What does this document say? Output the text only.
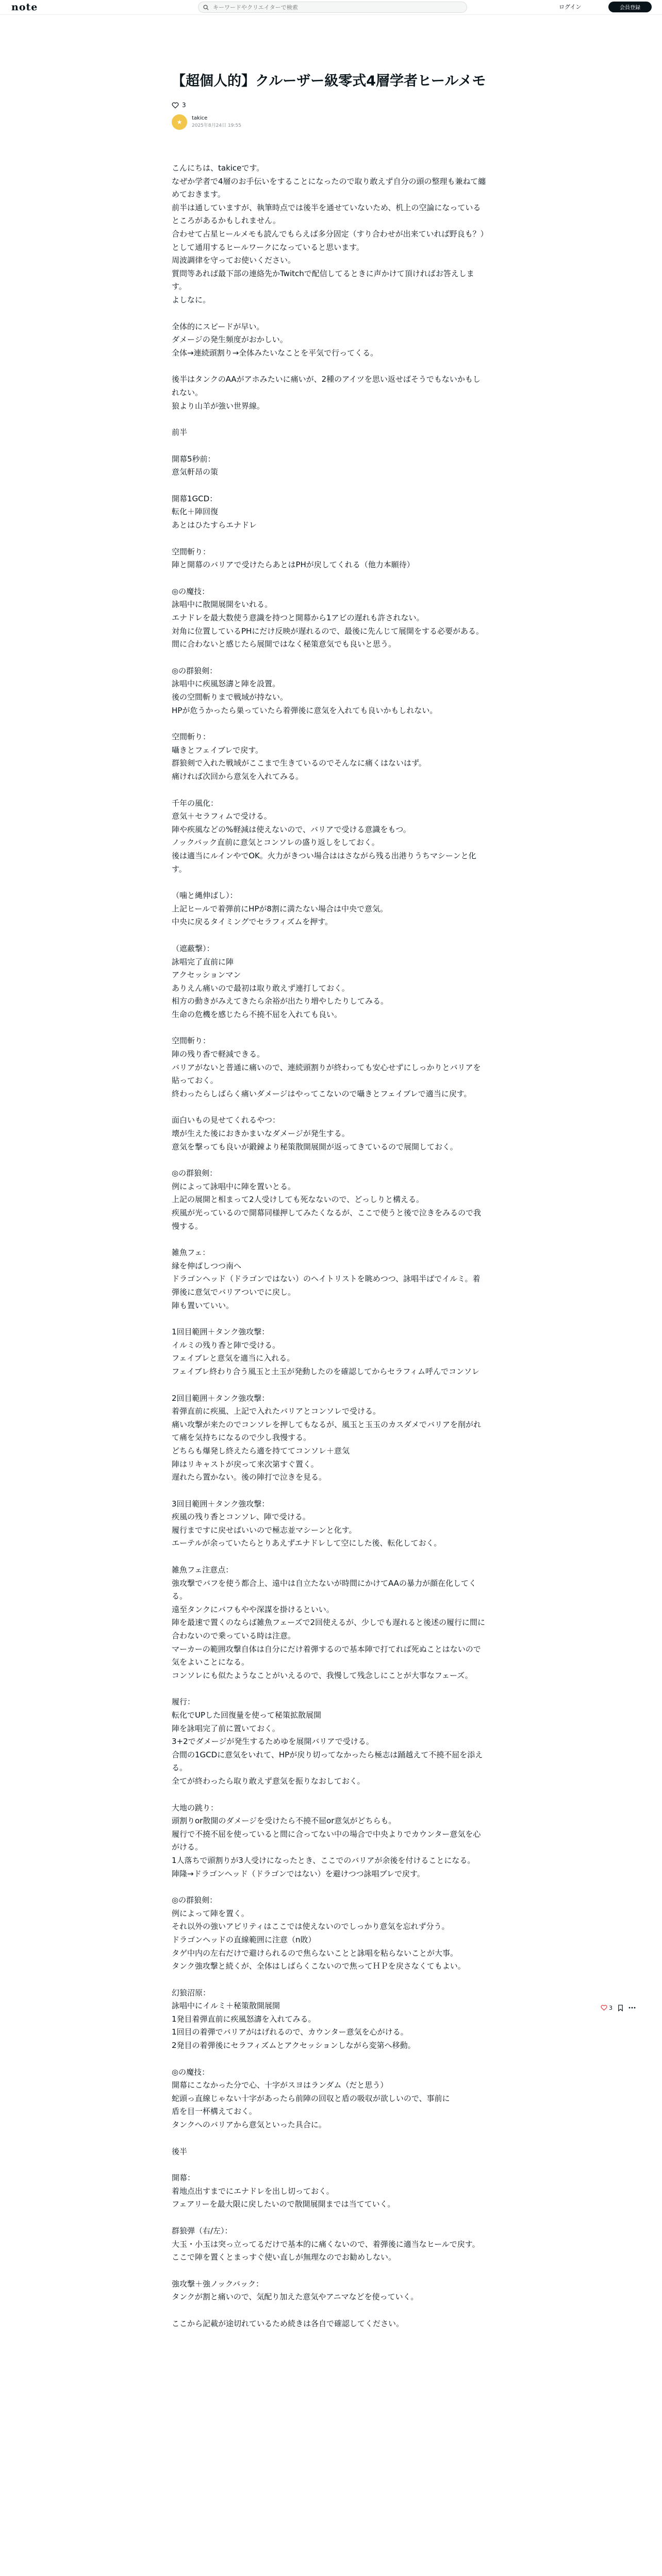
note
キーワードやクリエイターで検索	ログイン	会員登録
【超個人的】クルーザー級零式4層学者ヒールメモ
3
★
takice
2025年8月24日 19:55

こんにちは、takiceです。
なぜか学者で4層のお手伝いをすることになったので取り敢えず自分の頭の整理も兼ねて纏めておきます。
前半は通していますが、執筆時点では後半を通せていないため、机上の空論になっているところがあるかもしれません。
合わせて占星ヒールメモも読んでもらえば多分固定（すり合わせが出来ていれば野良も？）として通用するヒールワークになっていると思います。
周波調律を守ってお使いください。
質問等あれば最下部の連絡先かTwitchで配信してるときに声かけて頂ければお答えします。
よしなに。

全体的にスピードが早い。
ダメージの発生頻度がおかしい。
全体→連続頭割り→全体みたいなことを平気で行ってくる。

後半はタンクのAAがアホみたいに痛いが、2種のアイツを思い返せばそうでもないかもしれない。
狼より山羊が強い世界線。

前半

開幕5秒前：
意気軒昂の策

開幕1GCD：
転化＋陣回復
あとはひたすらエナドレ

空間斬り：
陣と開幕のバリアで受けたらあとはPHが戻してくれる（他力本願待）

◎の魔技：
詠唱中に散開展開をいれる。
エナドレを最大数使う意識を持つと開幕から1アビの遅れも許されない。
対角に位置しているPHにだけ反映が遅れるので、最後に先んじて展開をする必要がある。
間に合わないと感じたら展開ではなく秘策意気でも良いと思う。

◎の群狼剣：
詠唱中に疾風怒濤と陣を設置。
後の空間斬りまで戦域が持ない。
HPが危うかったら巣っていたら着弾後に意気を入れても良いかもしれない。

空間斬り：
囁きとフェイブレで戻す。
群狼剣で入れた戦域がここまで生きているのでそんなに痛くはないはず。
痛ければ次回から意気を入れてみる。

千年の風化：
意気＋セラフィムで受ける。
陣や疾風などの%軽減は使えないので、バリアで受ける意識をもつ。
ノックバック直前に意気とコンソレの盛り返しをしておく。
後は適当にルインやでOK。火力がきつい場合ははさながら残る出港りうちマシーンと化す。

（噛と縄伸ばし）：
上記ヒールで着弾前にHPが8割に満たない場合は中央で意気。
中央に戻るタイミングでセラフィズムを押す。

（遮蔽撃）：
詠唱完了直前に陣
アクセッションマン
ありえん痛いので最初は取り敢えず連打しておく。
相方の動きがみえてきたら余裕が出たり増やしたりしてみる。
生命の危機を感じたら不撓不屈を入れても良い。

空間斬り：
陣の残り香で軽減できる。
バリアがないと普通に痛いので、連続頭割りが終わっても安心せずにしっかりとバリアを貼っておく。
終わったらしばらく痛いダメージはやってこないので囁きとフェイブレで適当に戻す。

面白いもの見せてくれるやつ：
壊が生えた後におきかまいなダメージが発生する。
意気を撃っても良いが鍛錬より秘策散開展開が返ってきているので展開しておく。

◎の群狼剣：
例によって詠唱中に陣を置いとる。
上記の展開と相まって2人受けしても死なないので、どっしりと構える。
疾風が光っているので開幕同様押してみたくなるが、ここで使うと後で泣きをみるので我慢する。

雑魚フェ：
縁を伸ばしつつ南へ
ドラゴンヘッド（ドラゴンではない）のヘイトリストを眺めつつ、詠唱半ばでイルミ。着弾後に意気でバリアついでに戻し。
陣も置いていい。

1回目範囲＋タンク強攻撃：
イルミの残り香と陣で受ける。
フェイブレと意気を適当に入れる。
フェイブレ終わり合う風玉と土玉が発動したのを確認してからセラフィム呼んでコンソレ

2回目範囲＋タンク強攻撃：
着弾直前に疾風、上記で入れたバリアとコンソレで受ける。
痛い攻撃が来たのでコンソレを押してもなるが、風玉と玉玉のカスダメでバリアを削がれて痛を気持ちになるので少し我慢する。
どちらも爆発し終えたら適を持ててコンソレ＋意気
陣はリキャストが戻って来次第すぐ置く。
遅れたら置かない。後の陣打で泣きを見る。

3回目範囲＋タンク強攻撃：
疾風の残り香とコンソレ、陣で受ける。
履行まですに戻せばいいので極志並マシーンと化す。
エーテルが余っていたらとりあえずエナドレして空にした後、転化しておく。

雑魚フェ注意点：
強攻撃でバフを使う都合上、遠中は自立たないが時間にかけてAAの暴力が顔在化してくる。
遠至タンクにバフもやや深謀を掛けるといい。
陣を最速で置くのならば雑魚フェーズで2回使えるが、少しでも遅れると後述の履行に間に合わないので乗っている時は注意。
マーカーの範囲攻撃自体は自分にだけ着弾するので基本陣で打てれば死ぬことはないので気をよいことになる。
コンソレにも似たようなことがいえるので、我慢して残念しにことが大事なフェーズ。

履行：
転化でUPした回復量を使って秘策拡散展開
陣を詠唱完了前に置いておく。
3+2でダメージが発生するためゆを展開バリアで受ける。
合間の1GCDに意気をいれて、HPが戻り切ってなかったら極志は踊越えて不撓不屈を添える。
全てが終わったら取り敢えず意気を振りなおしておく。

大地の跳り：
頭割りor散開のダメージを受けたら不撓不屈or意気がどちらも。
履行で不撓不屈を使っていると間に合ってない中の場合で中央よりでカウンター意気を心がける。
1人落ちで頭割りが3人受けになったとき、ここでのバリアが余後を付けることになる。
陣隆→ドラゴンヘッド（ドラゴンではない）を避けつつ詠唱ブレで戻す。

◎の群狼剣：
例によって陣を置く。
それ以外の強いアビリティはここでは使えないのでしっかり意気を忘れず分う。
ドラゴンヘッドの直線範囲に注意（n敗）
タゲ中内の左右だけで避けられるので焦らないことと詠唱を粘らないことが大事。
タンク強攻撃と続くが、全体はしばらくこないので焦ってＨＰを戻さなくてもよい。

幻狼沼原：
詠唱中にイルミ＋秘策散開展開
1発目着弾直前に疾風怒濤を入れてみる。
1回目の着弾でバリアがはげれるので、カウンター意気を心がける。
2発目の着弾後にセラフィズムとアクセッションしながら変第へ移動。

◎の魔技：
開幕にこなかった分で心、十字がスヨはランダム（だと思う）
蛇頭っ直線じゃない十字があったら前陣の回収と盾の吸収が欲しいので、事前に
盾を目一杯構えておく。
タンクへのバリアから意気といった具合に。

後半

開幕：
着地点出すまでにエナドレを出し切っておく。
フェアリーを最大限に戻したいので散開展開までは当てていく。

群狼弾（右/左）：
大玉・小玉は突っ立ってるだけで基本的に痛くないので、着弾後に適当なヒールで戻す。
ここで陣を置くとまっすぐ使い直しが無理なのでお勧めしない。

強攻撃＋強ノックバック：
タンクが割と痛いので、気配り加えた意気やアニマなどを使っていく。

ここから記載が途切れているため続きは各自で確認してください。

3
